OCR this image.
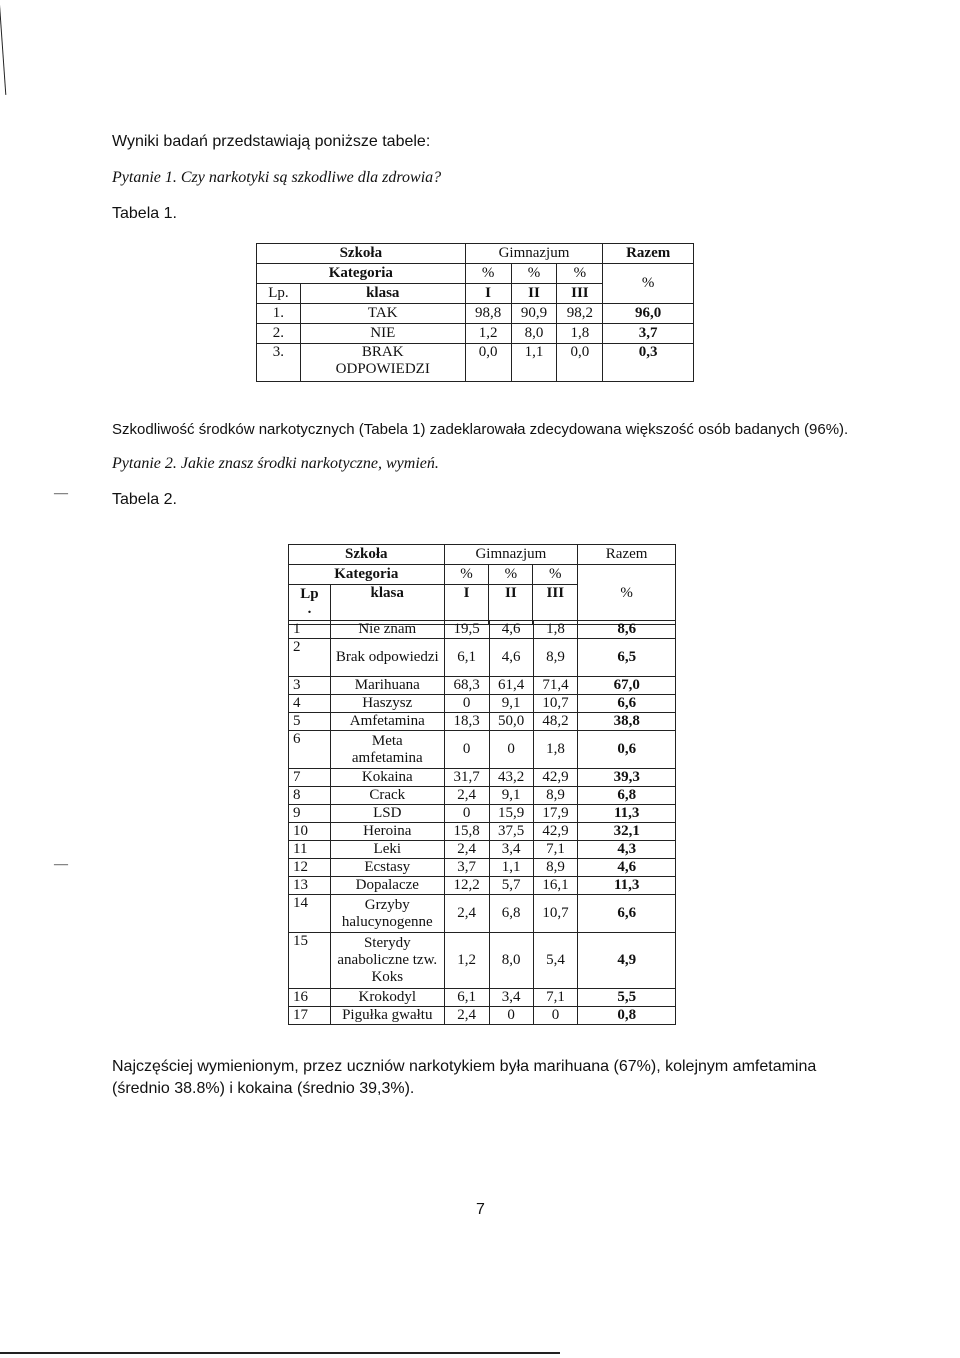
―
―
Wyniki badań przedstawiają poniższe tabele:
Pytanie 1. Czy narkotyki są szkodliwe dla zdrowia?
Tabela 1.
Szkoła		Gimnazjum			Razem
Kategoria		%	%	%	%
Lp.	klasa	I	II	III	
1.	TAK	98,8	90,9	98,2	96,0
2.	NIE	1,2	8,0	1,8	3,7
3.	BRAK ODPOWIEDZI	0,0	1,1	0,0	0,3
Szkodliwość środków narkotycznych (Tabela 1) zadeklarowała zdecydowana większość osób badanych (96%).
Pytanie 2. Jakie znasz środki narkotyczne, wymień.
Tabela 2.
Szkoła		Gimnazjum			Razem
Kategoria		%	%	%	%
Lp	klasa	I	II	III	
.					
1	Nie znam	19,5	4,6	1,8	8,6
2	Brak odpowiedzi	6,1	4,6	8,9	6,5
3	Marihuana	68,3	61,4	71,4	67,0
4	Haszysz	0	9,1	10,7	6,6
5	Amfetamina	18,3	50,0	48,2	38,8
6	Meta amfetamina	0	0	1,8	0,6
7	Kokaina	31,7	43,2	42,9	39,3
8	Crack	2,4	9,1	8,9	6,8
9	LSD	0	15,9	17,9	11,3
10	Heroina	15,8	37,5	42,9	32,1
11	Leki	2,4	3,4	7,1	4,3
12	Ecstasy	3,7	1,1	8,9	4,6
13	Dopalacze	12,2	5,7	16,1	11,3
14	Grzyby halucynogenne	2,4	6,8	10,7	6,6
15	Sterydy anaboliczne tzw. Koks	1,2	8,0	5,4	4,9
16	Krokodyl	6,1	3,4	7,1	5,5
17	Pigułka gwałtu	2,4	0	0	0,8
Najczęściej wymienionym, przez uczniów narkotykiem była marihuana (67%), kolejnym amfetamina (średnio 38.8%) i kokaina (średnio 39,3%).
7
